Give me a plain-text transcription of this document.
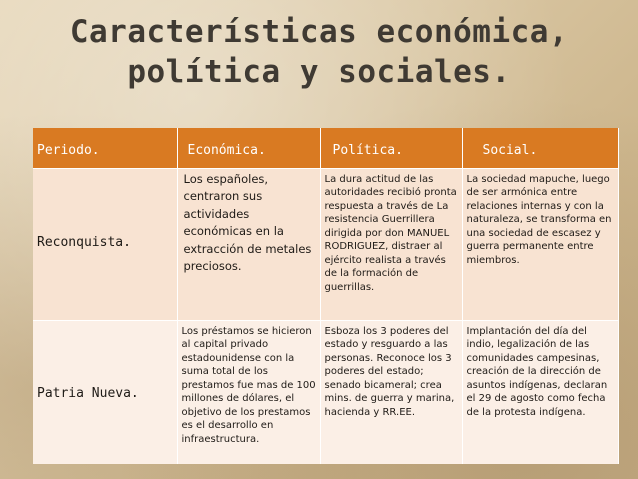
Características económica,
política y sociales.
Periodo.	Económica.	Política.	Social.
Reconquista.	Los españoles, centraron sus actividades económicas en la extracción de metales preciosos.	La dura actitud de las autoridades recibió pronta respuesta a través de La resistencia Guerrillera dirigida por don MANUEL RODRIGUEZ, distraer al ejército realista a través de la formación de guerrillas.	La sociedad mapuche, luego de ser armónica entre relaciones internas y con la naturaleza, se transforma en una sociedad de escasez y guerra permanente entre miembros.
Patria Nueva.	Los préstamos se hicieron al capital privado estadounidense con la suma total de los prestamos fue mas de 100 millones de dólares, el objetivo de los prestamos es el desarrollo en infraestructura.	Esboza los 3 poderes del estado y resguardo a las personas. Reconoce los 3 poderes del estado; senado bicameral; crea mins. de guerra y marina, hacienda y RR.EE.	Implantación del día del indio, legalización de las comunidades campesinas, creación de la dirección de asuntos indígenas, declaran el 29 de agosto como fecha de la protesta indígena.
